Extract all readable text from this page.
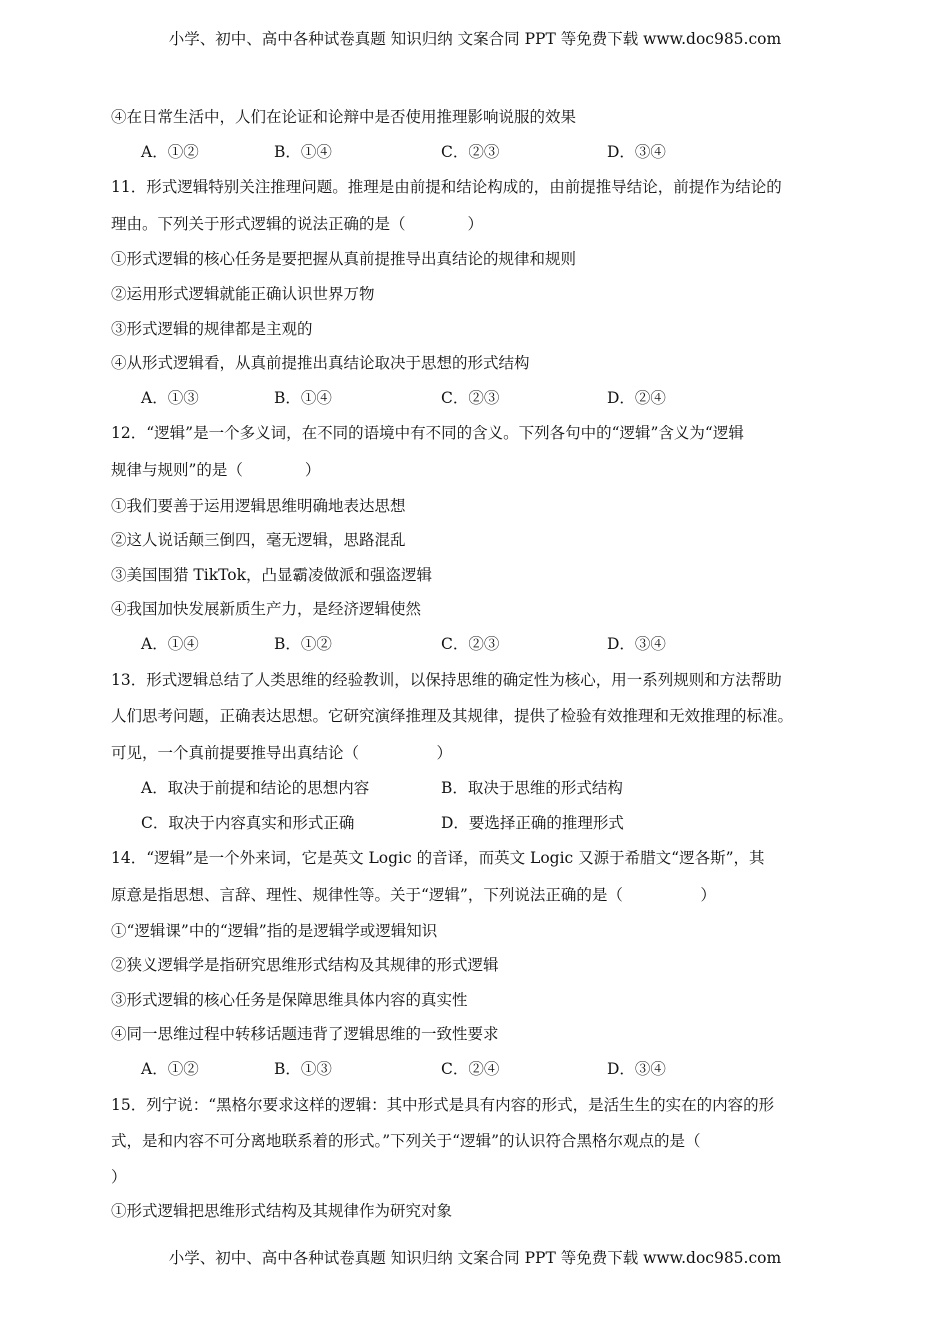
小学、初中、高中各种试卷真题 知识归纳 文案合同 PPT 等免费下载 www.doc985.com
④在日常生活中，人们在论证和论辩中是否使用推理影响说服的效果
A．①②	B．①④	C．②③	D．③④
11．形式逻辑特别关注推理问题。推理是由前提和结论构成的，由前提推导结论，前提作为结论的
理由。下列关于形式逻辑的说法正确的是（　　　　）
①形式逻辑的核心任务是要把握从真前提推导出真结论的规律和规则
②运用形式逻辑就能正确认识世界万物
③形式逻辑的规律都是主观的
④从形式逻辑看，从真前提推出真结论取决于思想的形式结构
A．①③	B．①④	C．②③	D．②④
12．“逻辑”是一个多义词，在不同的语境中有不同的含义。下列各句中的“逻辑”含义为“逻辑
规律与规则”的是（　　　　）
①我们要善于运用逻辑思维明确地表达思想
②这人说话颠三倒四，毫无逻辑，思路混乱
③美国围猎 TikTok，凸显霸凌做派和强盗逻辑
④我国加快发展新质生产力，是经济逻辑使然
A．①④	B．①②	C．②③	D．③④
13．形式逻辑总结了人类思维的经验教训，以保持思维的确定性为核心，用一系列规则和方法帮助
人们思考问题，正确表达思想。它研究演绎推理及其规律，提供了检验有效推理和无效推理的标准。
可见，一个真前提要推导出真结论（　　　　　）
A．取决于前提和结论的思想内容	B．取决于思维的形式结构
C．取决于内容真实和形式正确	D．要选择正确的推理形式
14．“逻辑”是一个外来词，它是英文 Logic 的音译，而英文 Logic 又源于希腊文“逻各斯”，其
原意是指思想、言辞、理性、规律性等。关于“逻辑”，下列说法正确的是（　　　　　）
①“逻辑课”中的“逻辑”指的是逻辑学或逻辑知识
②狭义逻辑学是指研究思维形式结构及其规律的形式逻辑
③形式逻辑的核心任务是保障思维具体内容的真实性
④同一思维过程中转移话题违背了逻辑思维的一致性要求
A．①②	B．①③	C．②④	D．③④
15．列宁说：“黑格尔要求这样的逻辑：其中形式是具有内容的形式，是活生生的实在的内容的形
式，是和内容不可分离地联系着的形式。”下列关于“逻辑”的认识符合黑格尔观点的是（
）
①形式逻辑把思维形式结构及其规律作为研究对象
小学、初中、高中各种试卷真题 知识归纳 文案合同 PPT 等免费下载 www.doc985.com
